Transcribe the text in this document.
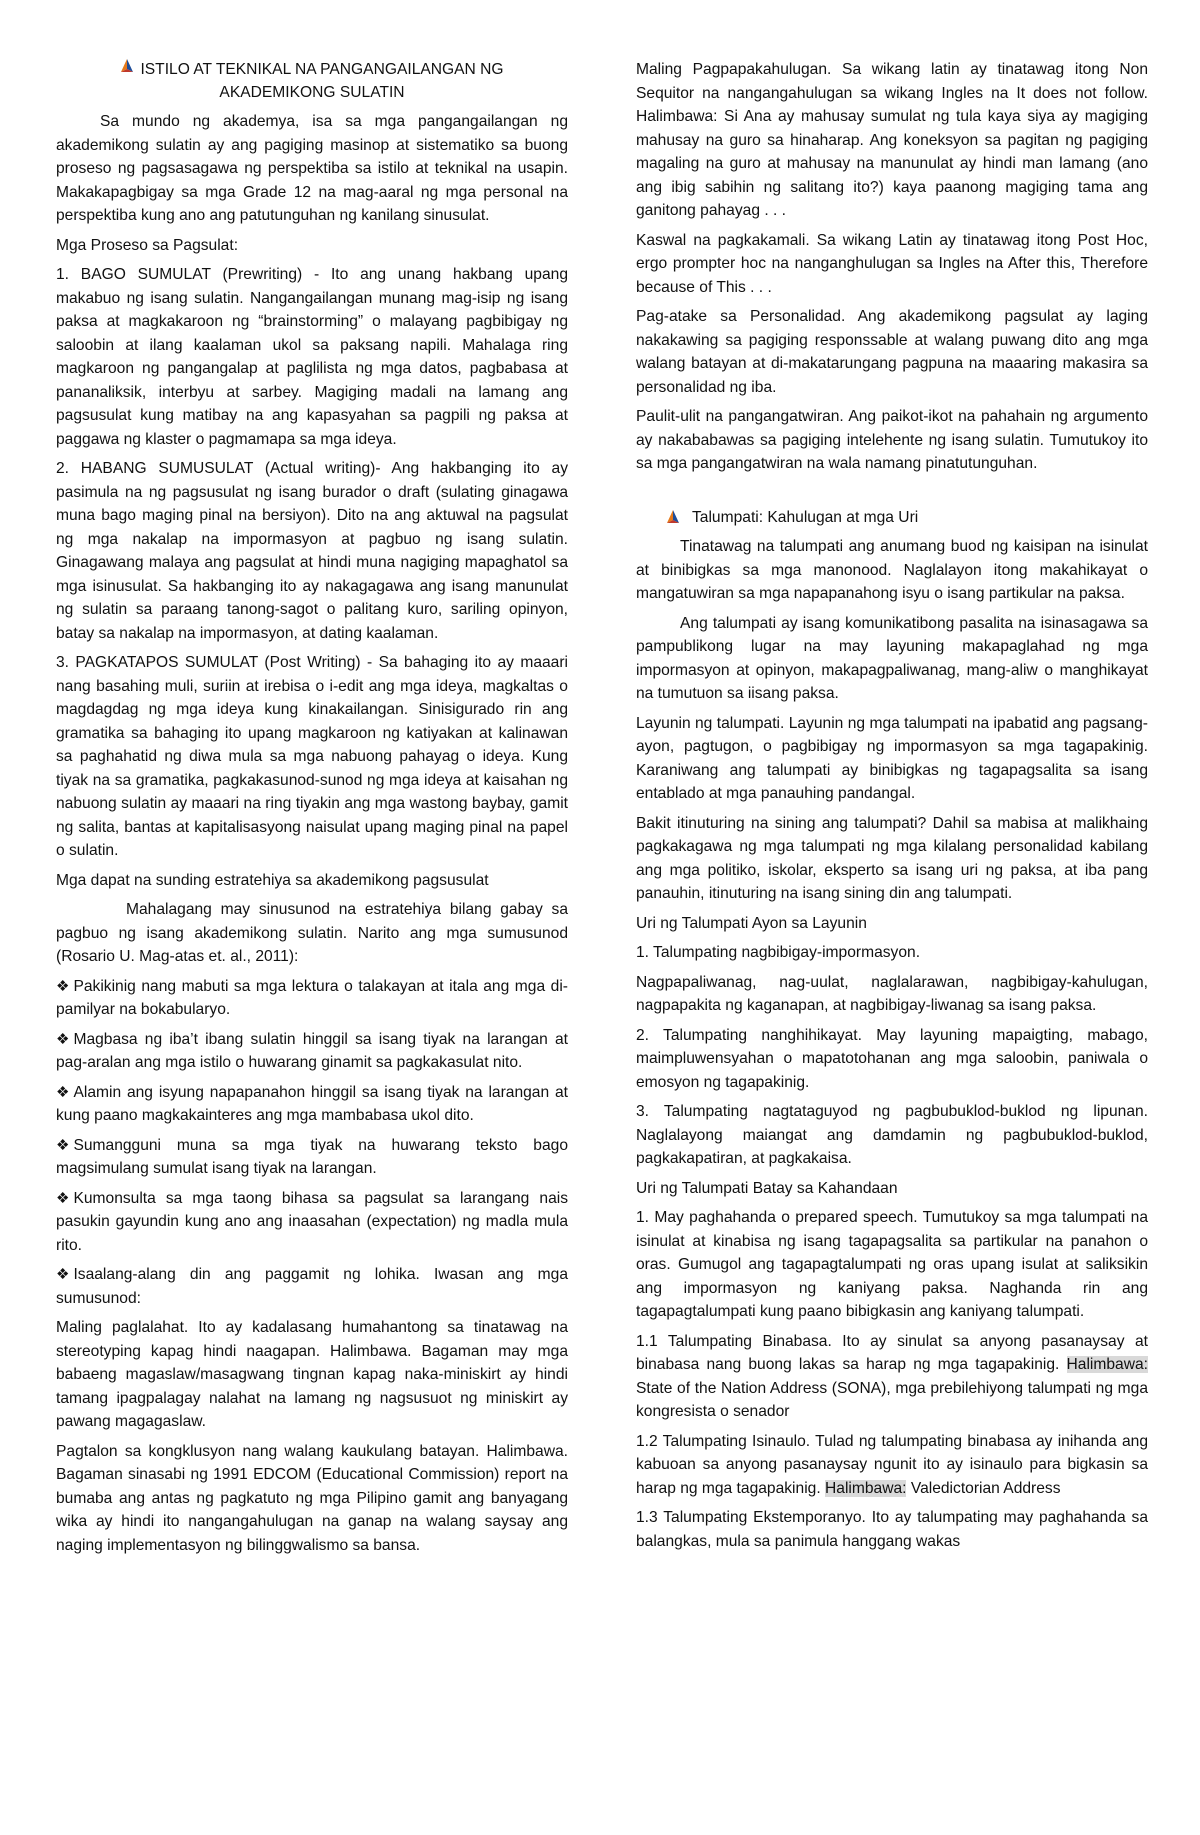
ISTILO AT TEKNIKAL NA PANGANGAILANGAN NG
AKADEMIKONG SULATIN

Sa mundo ng akademya, isa sa mga pangangailangan ng akademikong sulatin ay ang pagiging masinop at sistematiko sa buong proseso ng pagsasagawa ng perspektiba sa istilo at teknikal na usapin. Makakapagbigay sa mga Grade 12 na mag-aaral ng mga personal na perspektiba kung ano ang patutunguhan ng kanilang sinusulat.

Mga Proseso sa Pagsulat:

1. BAGO SUMULAT (Prewriting) - Ito ang unang hakbang upang makabuo ng isang sulatin. Nangangailangan munang mag-isip ng isang paksa at magkakaroon ng “brainstorming” o malayang pagbibigay ng saloobin at ilang kaalaman ukol sa paksang napili. Mahalaga ring magkaroon ng pangangalap at paglilista ng mga datos, pagbabasa at pananaliksik, interbyu at sarbey. Magiging madali na lamang ang pagsusulat kung matibay na ang kapasyahan sa pagpili ng paksa at paggawa ng klaster o pagmamapa sa mga ideya.

2. HABANG SUMUSULAT (Actual writing)- Ang hakbanging ito ay pasimula na ng pagsusulat ng isang burador o draft (sulating ginagawa muna bago maging pinal na bersiyon). Dito na ang aktuwal na pagsulat ng mga nakalap na impormasyon at pagbuo ng isang sulatin. Ginagawang malaya ang pagsulat at hindi muna nagiging mapaghatol sa mga isinusulat. Sa hakbanging ito ay nakagagawa ang isang manunulat ng sulatin sa paraang tanong-sagot o palitang kuro, sariling opinyon, batay sa nakalap na impormasyon, at dating kaalaman.

3. PAGKATAPOS SUMULAT (Post Writing) - Sa bahaging ito ay maaari nang basahing muli, suriin at irebisa o i-edit ang mga ideya, magkaltas o magdagdag ng mga ideya kung kinakailangan. Sinisigurado rin ang gramatika sa bahaging ito upang magkaroon ng katiyakan at kalinawan sa paghahatid ng diwa mula sa mga nabuong pahayag o ideya. Kung tiyak na sa gramatika, pagkakasunod-sunod ng mga ideya at kaisahan ng nabuong sulatin ay maaari na ring tiyakin ang mga wastong baybay, gamit ng salita, bantas at kapitalisasyong naisulat upang maging pinal na papel o sulatin.

Mga dapat na sunding estratehiya sa akademikong pagsusulat

Mahalagang may sinusunod na estratehiya bilang gabay sa pagbuo ng isang akademikong sulatin. Narito ang mga sumusunod (Rosario U. Mag-atas et. al., 2011):

❖ Pakikinig nang mabuti sa mga lektura o talakayan at itala ang mga di-pamilyar na bokabularyo.

❖ Magbasa ng iba’t ibang sulatin hinggil sa isang tiyak na larangan at pag-aralan ang mga istilo o huwarang ginamit sa pagkakasulat nito.

❖ Alamin ang isyung napapanahon hinggil sa isang tiyak na larangan at kung paano magkakainteres ang mga mambabasa ukol dito.

❖ Sumangguni muna sa mga tiyak na huwarang teksto bago magsimulang sumulat isang tiyak na larangan.

❖ Kumonsulta sa mga taong bihasa sa pagsulat sa larangang nais pasukin gayundin kung ano ang inaasahan (expectation) ng madla mula rito.

❖ Isaalang-alang din ang paggamit ng lohika. Iwasan ang mga sumusunod:

Maling paglalahat. Ito ay kadalasang humahantong sa tinatawag na stereotyping kapag hindi naagapan. Halimbawa. Bagaman may mga babaeng magaslaw/masagwang tingnan kapag naka-miniskirt ay hindi tamang ipagpalagay nalahat na lamang ng nagsusuot ng miniskirt ay pawang magagaslaw.

Pagtalon sa kongklusyon nang walang kaukulang batayan. Halimbawa. Bagaman sinasabi ng 1991 EDCOM (Educational Commission) report na bumaba ang antas ng pagkatuto ng mga Pilipino gamit ang banyagang wika ay hindi ito nangangahulugan na ganap na walang saysay ang naging implementasyon ng bilinggwalismo sa bansa.

Maling Pagpapakahulugan. Sa wikang latin ay tinatawag itong Non Sequitor na nangangahulugan sa wikang Ingles na It does not follow. Halimbawa: Si Ana ay mahusay sumulat ng tula kaya siya ay magiging mahusay na guro sa hinaharap. Ang koneksyon sa pagitan ng pagiging magaling na guro at mahusay na manunulat ay hindi man lamang (ano ang ibig sabihin ng salitang ito?) kaya paanong magiging tama ang ganitong pahayag . . .

Kaswal na pagkakamali. Sa wikang Latin ay tinatawag itong Post Hoc, ergo prompter hoc na nanganghulugan sa Ingles na After this, Therefore because of This . . .

Pag-atake sa Personalidad. Ang akademikong pagsulat ay laging nakakawing sa pagiging responssable at walang puwang dito ang mga walang batayan at di-makatarungang pagpuna na maaaring makasira sa personalidad ng iba.

Paulit-ulit na pangangatwiran. Ang paikot-ikot na pahahain ng argumento ay nakababawas sa pagiging intelehente ng isang sulatin. Tumutukoy ito sa mga pangangatwiran na wala namang pinatutunguhan.

Talumpati: Kahulugan at mga Uri

Tinatawag na talumpati ang anumang buod ng kaisipan na isinulat at binibigkas sa mga manonood. Naglalayon itong makahikayat o mangatuwiran sa mga napapanahong isyu o isang partikular na paksa.

Ang talumpati ay isang komunikatibong pasalita na isinasagawa sa pampublikong lugar na may layuning makapaglahad ng mga impormasyon at opinyon, makapagpaliwanag, mang-aliw o manghikayat na tumutuon sa iisang paksa.

Layunin ng talumpati. Layunin ng mga talumpati na ipabatid ang pagsang-ayon, pagtugon, o pagbibigay ng impormasyon sa mga tagapakinig. Karaniwang ang talumpati ay binibigkas ng tagapagsalita sa isang entablado at mga panauhing pandangal.

Bakit itinuturing na sining ang talumpati? Dahil sa mabisa at malikhaing pagkakagawa ng mga talumpati ng mga kilalang personalidad kabilang ang mga politiko, iskolar, eksperto sa isang uri ng paksa, at iba pang panauhin, itinuturing na isang sining din ang talumpati.

Uri ng Talumpati Ayon sa Layunin

1. Talumpating nagbibigay-impormasyon.

Nagpapaliwanag, nag-uulat, naglalarawan, nagbibigay-kahulugan, nagpapakita ng kaganapan, at nagbibigay-liwanag sa isang paksa.

2. Talumpating nanghihikayat. May layuning mapaigting, mabago, maimpluwensyahan o mapatotohanan ang mga saloobin, paniwala o emosyon ng tagapakinig.

3. Talumpating nagtataguyod ng pagbubuklod-buklod ng lipunan. Naglalayong maiangat ang damdamin ng pagbubuklod-buklod, pagkakapatiran, at pagkakaisa.

Uri ng Talumpati Batay sa Kahandaan

1. May paghahanda o prepared speech. Tumutukoy sa mga talumpati na isinulat at kinabisa ng isang tagapagsalita sa partikular na panahon o oras. Gumugol ang tagapagtalumpati ng oras upang isulat at saliksikin ang impormasyon ng kaniyang paksa. Naghanda rin ang tagapagtalumpati kung paano bibigkasin ang kaniyang talumpati.

1.1 Talumpating Binabasa. Ito ay sinulat sa anyong pasanaysay at binabasa nang buong lakas sa harap ng mga tagapakinig. Halimbawa: State of the Nation Address (SONA), mga prebilehiyong talumpati ng mga kongresista o senador

1.2 Talumpating Isinaulo. Tulad ng talumpating binabasa ay inihanda ang kabuoan sa anyong pasanaysay ngunit ito ay isinaulo para bigkasin sa harap ng mga tagapakinig. Halimbawa: Valedictorian Address

1.3 Talumpating Ekstemporanyo. Ito ay talumpating may paghahanda sa balangkas, mula sa panimula hanggang wakas
